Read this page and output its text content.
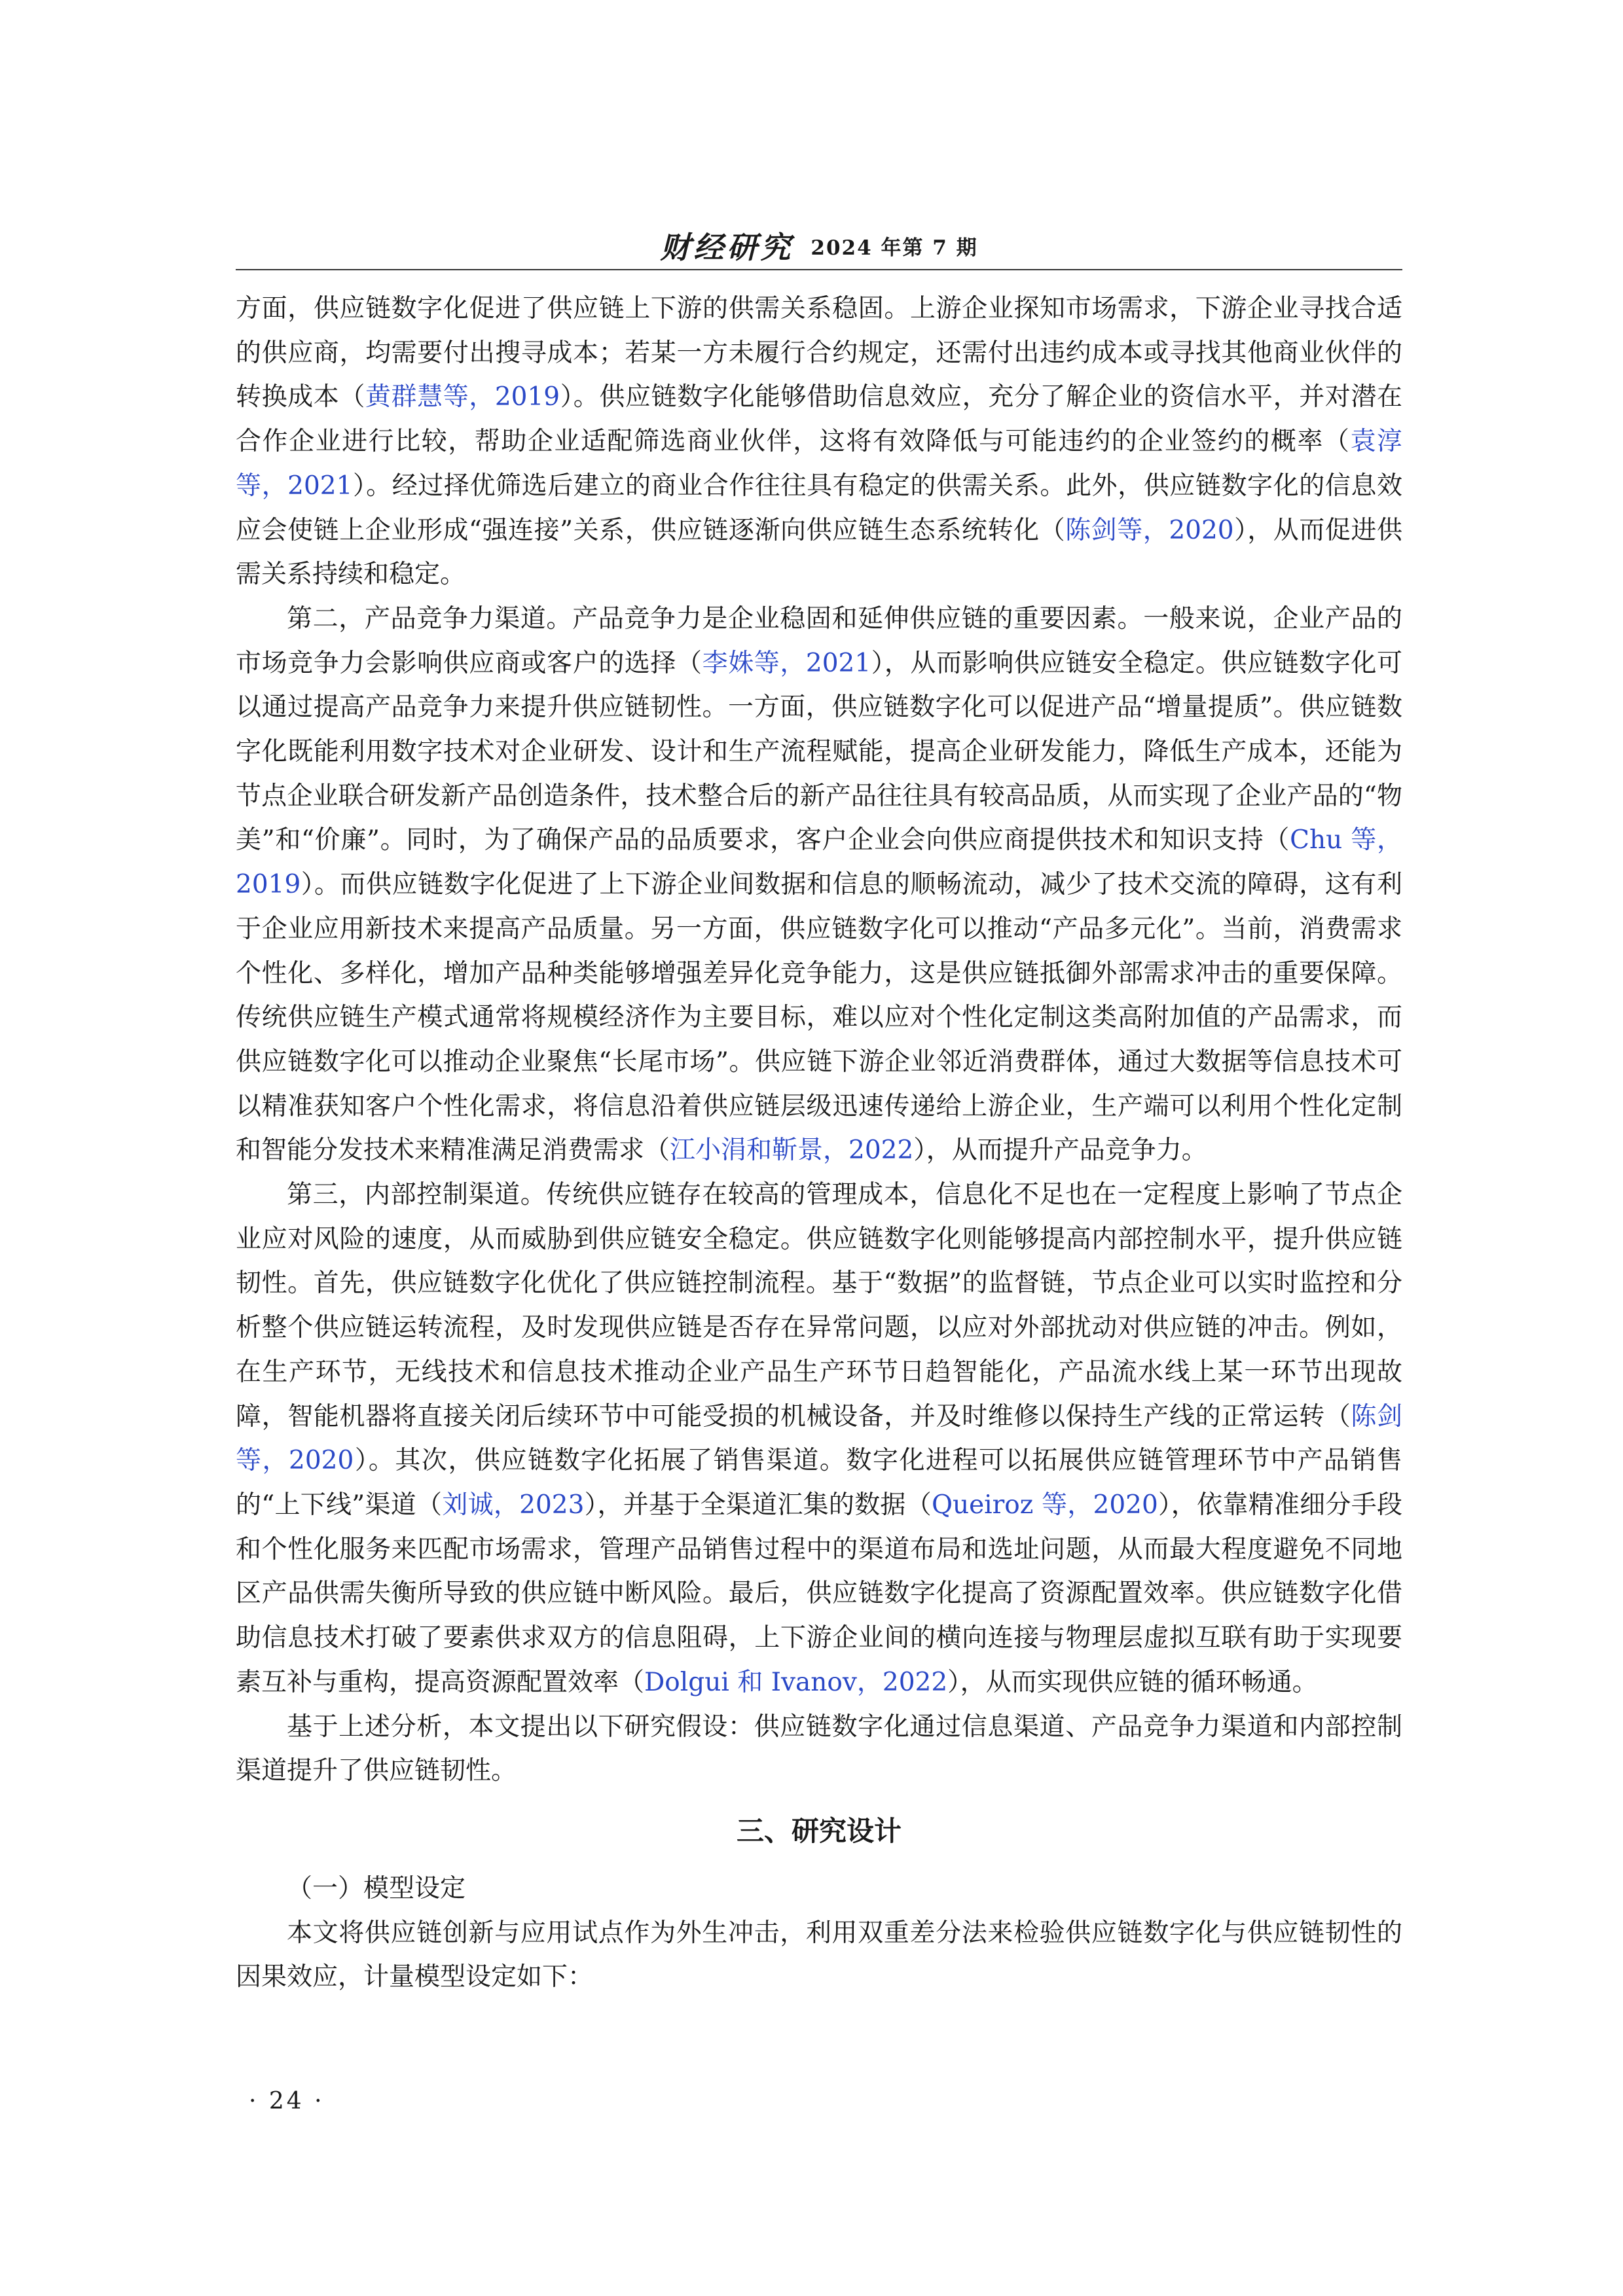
财经研究 2024 年第 7 期

方面，供应链数字化促进了供应链上下游的供需关系稳固。上游企业探知市场需求，下游企业寻找合适的供应商，均需要付出搜寻成本；若某一方未履行合约规定，还需付出违约成本或寻找其他商业伙伴的转换成本（黄群慧等，2019）。供应链数字化能够借助信息效应，充分了解企业的资信水平，并对潜在合作企业进行比较，帮助企业适配筛选商业伙伴，这将有效降低与可能违约的企业签约的概率（袁淳等，2021）。经过择优筛选后建立的商业合作往往具有稳定的供需关系。此外，供应链数字化的信息效应会使链上企业形成“强连接”关系，供应链逐渐向供应链生态系统转化（陈剑等，2020），从而促进供需关系持续和稳定。

第二，产品竞争力渠道。产品竞争力是企业稳固和延伸供应链的重要因素。一般来说，企业产品的市场竞争力会影响供应商或客户的选择（李姝等，2021），从而影响供应链安全稳定。供应链数字化可以通过提高产品竞争力来提升供应链韧性。一方面，供应链数字化可以促进产品“增量提质”。供应链数字化既能利用数字技术对企业研发、设计和生产流程赋能，提高企业研发能力，降低生产成本，还能为节点企业联合研发新产品创造条件，技术整合后的新产品往往具有较高品质，从而实现了企业产品的“物美”和“价廉”。同时，为了确保产品的品质要求，客户企业会向供应商提供技术和知识支持（Chu 等，2019）。而供应链数字化促进了上下游企业间数据和信息的顺畅流动，减少了技术交流的障碍，这有利于企业应用新技术来提高产品质量。另一方面，供应链数字化可以推动“产品多元化”。当前，消费需求个性化、多样化，增加产品种类能够增强差异化竞争能力，这是供应链抵御外部需求冲击的重要保障。传统供应链生产模式通常将规模经济作为主要目标，难以应对个性化定制这类高附加值的产品需求，而供应链数字化可以推动企业聚焦“长尾市场”。供应链下游企业邻近消费群体，通过大数据等信息技术可以精准获知客户个性化需求，将信息沿着供应链层级迅速传递给上游企业，生产端可以利用个性化定制和智能分发技术来精准满足消费需求（江小涓和靳景，2022），从而提升产品竞争力。

第三，内部控制渠道。传统供应链存在较高的管理成本，信息化不足也在一定程度上影响了节点企业应对风险的速度，从而威胁到供应链安全稳定。供应链数字化则能够提高内部控制水平，提升供应链韧性。首先，供应链数字化优化了供应链控制流程。基于“数据”的监督链，节点企业可以实时监控和分析整个供应链运转流程，及时发现供应链是否存在异常问题，以应对外部扰动对供应链的冲击。例如，在生产环节，无线技术和信息技术推动企业产品生产环节日趋智能化，产品流水线上某一环节出现故障，智能机器将直接关闭后续环节中可能受损的机械设备，并及时维修以保持生产线的正常运转（陈剑等，2020）。其次，供应链数字化拓展了销售渠道。数字化进程可以拓展供应链管理环节中产品销售的“上下线”渠道（刘诚，2023），并基于全渠道汇集的数据（Queiroz 等，2020），依靠精准细分手段和个性化服务来匹配市场需求，管理产品销售过程中的渠道布局和选址问题，从而最大程度避免不同地区产品供需失衡所导致的供应链中断风险。最后，供应链数字化提高了资源配置效率。供应链数字化借助信息技术打破了要素供求双方的信息阻碍，上下游企业间的横向连接与物理层虚拟互联有助于实现要素互补与重构，提高资源配置效率（Dolgui 和 Ivanov，2022），从而实现供应链的循环畅通。

基于上述分析，本文提出以下研究假设：供应链数字化通过信息渠道、产品竞争力渠道和内部控制渠道提升了供应链韧性。

三、研究设计

（一）模型设定

本文将供应链创新与应用试点作为外生冲击，利用双重差分法来检验供应链数字化与供应链韧性的因果效应，计量模型设定如下：

· 24 ·
